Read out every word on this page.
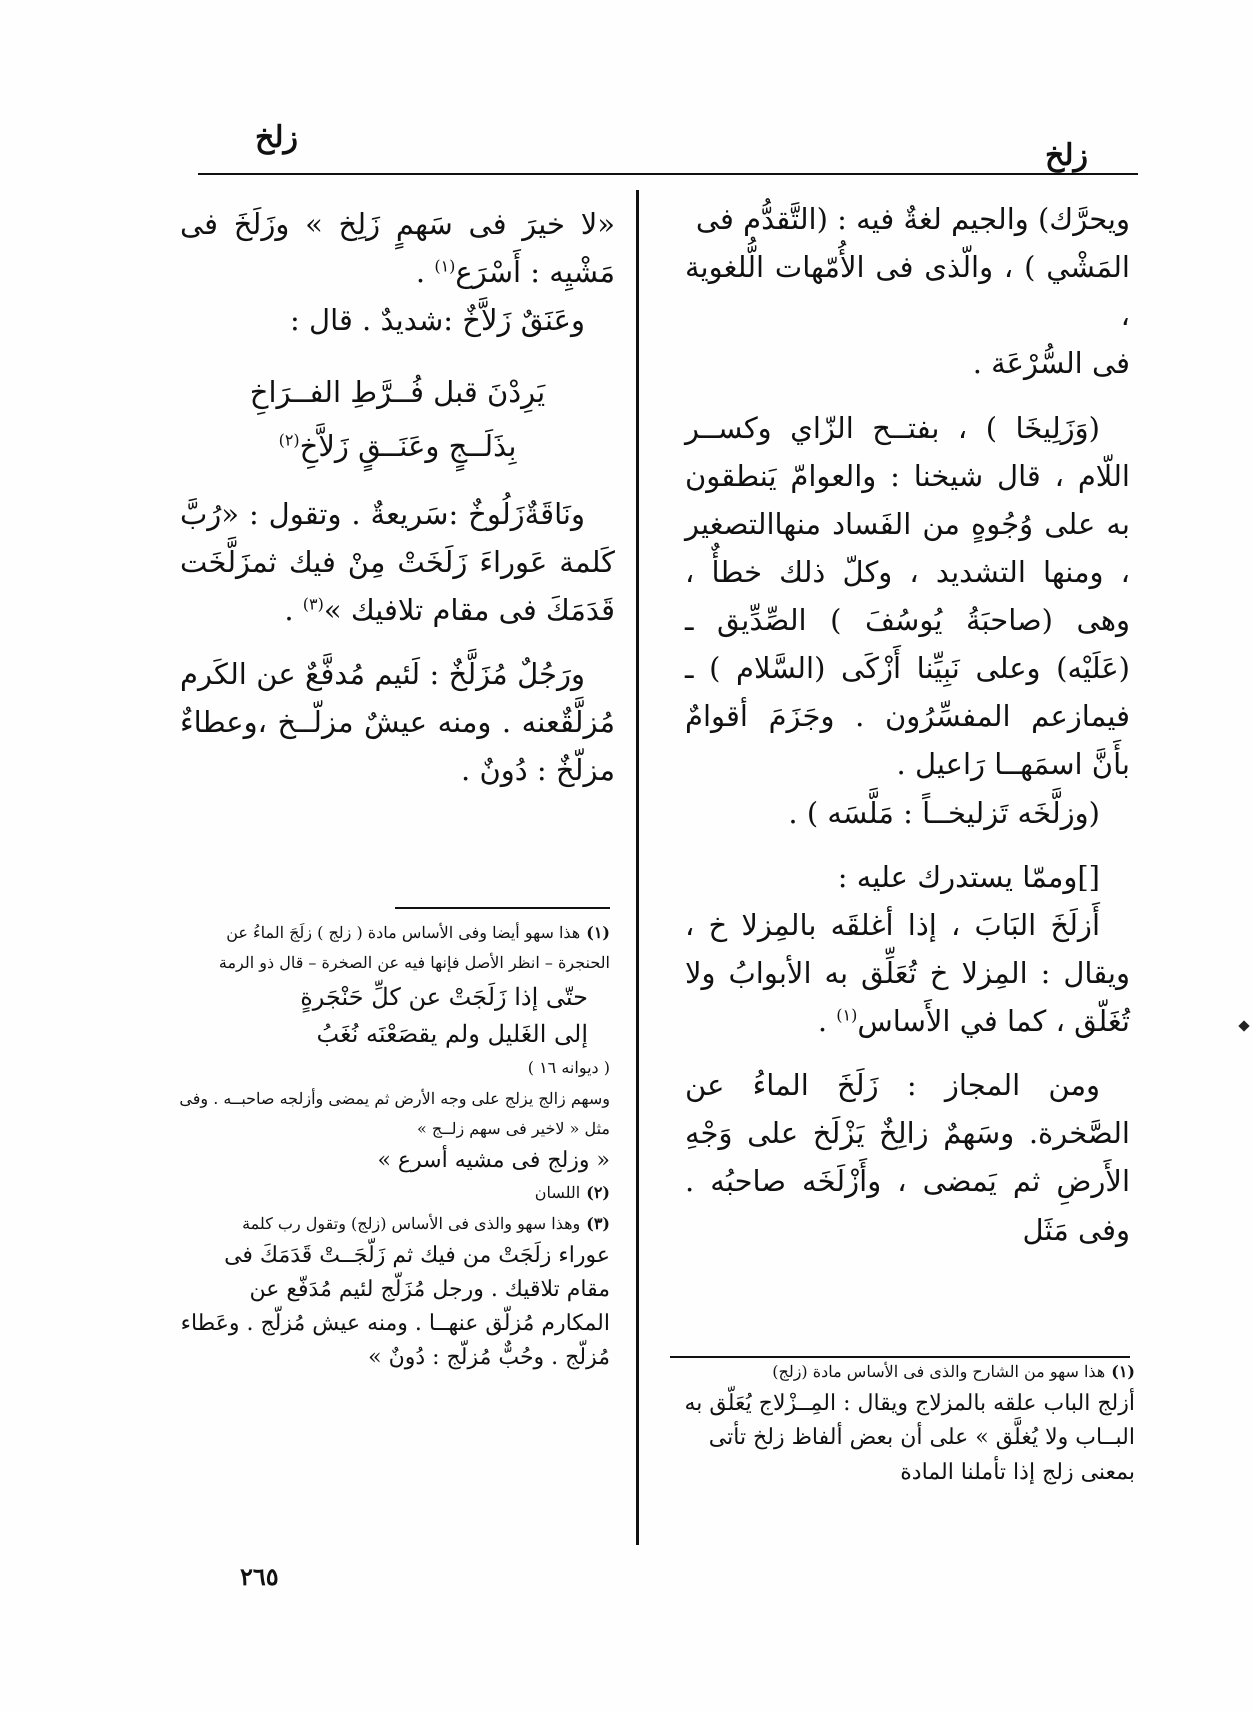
زلخ
زلخ

ويحرَّك) والجيم لغةٌ فيه : (التَّقدُّم فى

المَشْي ) ، والّذى فى الأُمّهات الُّلغوية ،

فى السُّرْعَة .

(وَزَلِيخَا ) ، بفتــح الزّاي وكســر اللّام ، قال شيخنا : والعوامّ يَنطقون به على وُجُوهٍ من الفَساد منهاالتصغير ، ومنها التشديد ، وكلّ ذلك خطأٌ ، وهى (صاحبَةُ يُوسُفَ ) الصِّدِّيق ـ (عَلَيْه) وعلى نَبِيِّنا أَزْكَى (السَّلام ) ـ فيمازعم المفسِّرُون . وجَزَمَ أقوامٌ بأَنَّ اسمَهــا رَاعيل .

(وزلَّخَه تَزليخــاً : مَلَّسَه ) .

[]وممّا يستدرك عليه :

أَزلَخَ البَابَ ، إذا أغلقَه بالمِزلا خ ، ويقال : المِزلا خ تُعَلِّق به الأبوابُ ولا تُغَلّق ، كما في الأَساس$^{(١)}$ .

ومن المجاز : زَلَخَ الماءُ عن الصَّخرة. وسَهمٌ زالِخٌ يَزْلَخ على وَجْهِ الأَرضِ ثم يَمضى ، وأَزْلَخَه صاحبُه . وفى مَثَل

«لا خيرَ فى سَهمٍ زَلِخ » وزَلَخَ فى مَشْيِه : أَسْرَع$^{(١)}$ .

وعَنَقٌ زَلاَّخٌ :شديدٌ . قال :

يَرِدْنَ قبل فُــرَّطِ الفــرَاخِ

بِذَلَــجٍ وعَنَــقٍ زَلاَّخِ$^{(٢)}$

ونَاقَةٌزَلُوخٌ :سَريعةٌ . وتقول : «رُبَّ كَلمة عَوراءَ زَلَخَتْ مِنْ فيك ثمزَلَّخَت قَدَمَكَ فى مقام تلافيك »$^{(٣)}$ .

ورَجُلٌ مُزَلَّخٌ : لَئيم مُدفَّعٌ عن الكَرم مُزلَّقٌعنه . ومنه عيشٌ مزلّــخ ،وعطاءٌ مزلّخٌ : دُونٌ .

(١)هذا سهو من الشارح والذى فى الأساس مادة (زلج)

أزلج الباب علقه بالمزلاج ويقال : المِــزْلاج يُعَلّق به البــاب ولا يُغلَّق » على أن بعض ألفاظ زلخ تأتى بمعنى زلج إذا تأملنا المادة

(١)هذا سهو أيضا وفى الأساس مادة ( زلج ) زلَجَ الماءُ عن الحنجرة – انظر الأصل فإنها فيه عن الصخرة – قال ذو الرمة

حتّى إذا زَلَجَتْ عن كلِّ حَنْجَرةٍ

إلى الغَليل ولم يقصَعْنَه نُغَبُ

( ديوانه ١٦ )

وسهم زالج يزلج على وجه الأرض ثم يمضى وأزلجه صاحبــه . وفى مثل « لاخير فى سهم زلــج »

« وزلج فى مشيه أسرع »

(٢)اللسان

(٣)وهذا سهو والذى فى الأساس (زلج) وتقول رب كلمة

عوراء زلَجَتْ من فيك ثم زَلّجَــتْ قَدَمَكَ فى مقام تلاقيك . ورجل مُزَلّج لئيم مُدَفّع عن المكارم مُزلّق عنهــا . ومنه عيش مُزلّج . وعَطاء مُزلّج . وحُبٌّ مُزلّج : دُونٌ »

٢٦٥
